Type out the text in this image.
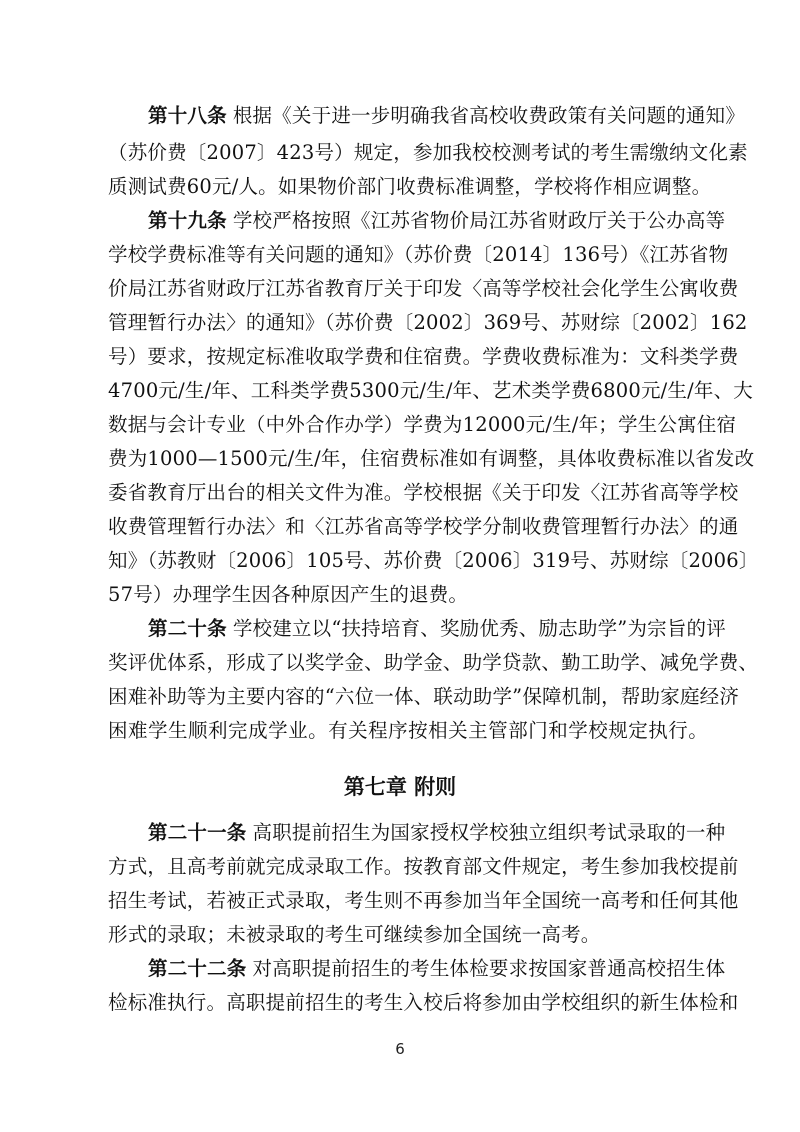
第十八条 根据《关于进一步明确我省高校收费政策有关问题的通知》
（苏价费〔2007〕423号）规定，参加我校校测考试的考生需缴纳文化素
质测试费60元/人。如果物价部门收费标准调整，学校将作相应调整。
第十九条 学校严格按照《江苏省物价局江苏省财政厅关于公办高等
学校学费标准等有关问题的通知》（苏价费〔2014〕136号）《江苏省物
价局江苏省财政厅江苏省教育厅关于印发〈高等学校社会化学生公寓收费
管理暂行办法〉的通知》（苏价费〔2002〕369号、苏财综〔2002〕162
号）要求，按规定标准收取学费和住宿费。学费收费标准为：文科类学费
4700元/生/年、工科类学费5300元/生/年、艺术类学费6800元/生/年、大
数据与会计专业（中外合作办学）学费为12000元/生/年；学生公寓住宿
费为1000—1500元/生/年，住宿费标准如有调整，具体收费标准以省发改
委省教育厅出台的相关文件为准。学校根据《关于印发〈江苏省高等学校
收费管理暂行办法〉和〈江苏省高等学校学分制收费管理暂行办法〉的通
知》（苏教财〔2006〕105号、苏价费〔2006〕319号、苏财综〔2006〕
57号）办理学生因各种原因产生的退费。
第二十条 学校建立以“扶持培育、奖励优秀、励志助学”为宗旨的评
奖评优体系，形成了以奖学金、助学金、助学贷款、勤工助学、减免学费、
困难补助等为主要内容的“六位一体、联动助学”保障机制，帮助家庭经济
困难学生顺利完成学业。有关程序按相关主管部门和学校规定执行。
第七章 附则
第二十一条 高职提前招生为国家授权学校独立组织考试录取的一种
方式，且高考前就完成录取工作。按教育部文件规定，考生参加我校提前
招生考试，若被正式录取，考生则不再参加当年全国统一高考和任何其他
形式的录取；未被录取的考生可继续参加全国统一高考。
第二十二条 对高职提前招生的考生体检要求按国家普通高校招生体
检标准执行。高职提前招生的考生入校后将参加由学校组织的新生体检和
6
